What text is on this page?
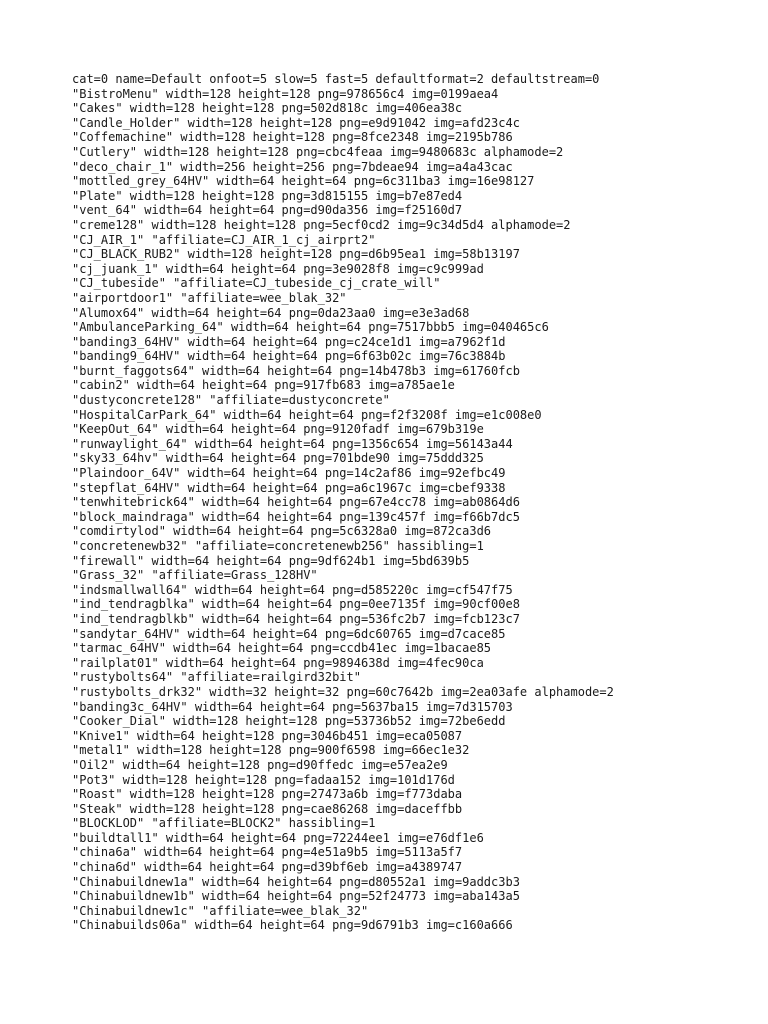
cat=0 name=Default onfoot=5 slow=5 fast=5 defaultformat=2 defaultstream=0
"BistroMenu" width=128 height=128 png=978656c4 img=0199aea4
"Cakes" width=128 height=128 png=502d818c img=406ea38c
"Candle_Holder" width=128 height=128 png=e9d91042 img=afd23c4c
"Coffemachine" width=128 height=128 png=8fce2348 img=2195b786
"Cutlery" width=128 height=128 png=cbc4feaa img=9480683c alphamode=2
"deco_chair_1" width=256 height=256 png=7bdeae94 img=a4a43cac
"mottled_grey_64HV" width=64 height=64 png=6c311ba3 img=16e98127
"Plate" width=128 height=128 png=3d815155 img=b7e87ed4
"vent_64" width=64 height=64 png=d90da356 img=f25160d7
"creme128" width=128 height=128 png=5ecf0cd2 img=9c34d5d4 alphamode=2
"CJ_AIR_1" "affiliate=CJ_AIR_1_cj_airprt2"
"CJ_BLACK_RUB2" width=128 height=128 png=d6b95ea1 img=58b13197
"cj_juank_1" width=64 height=64 png=3e9028f8 img=c9c999ad
"CJ_tubeside" "affiliate=CJ_tubeside_cj_crate_will"
"airportdoor1" "affiliate=wee_blak_32"
"Alumox64" width=64 height=64 png=0da23aa0 img=e3e3ad68
"AmbulanceParking_64" width=64 height=64 png=7517bbb5 img=040465c6
"banding3_64HV" width=64 height=64 png=c24ce1d1 img=a7962f1d
"banding9_64HV" width=64 height=64 png=6f63b02c img=76c3884b
"burnt_faggots64" width=64 height=64 png=14b478b3 img=61760fcb
"cabin2" width=64 height=64 png=917fb683 img=a785ae1e
"dustyconcrete128" "affiliate=dustyconcrete"
"HospitalCarPark_64" width=64 height=64 png=f2f3208f img=e1c008e0
"KeepOut_64" width=64 height=64 png=9120fadf img=679b319e
"runwaylight_64" width=64 height=64 png=1356c654 img=56143a44
"sky33_64hv" width=64 height=64 png=701bde90 img=75ddd325
"Plaindoor_64V" width=64 height=64 png=14c2af86 img=92efbc49
"stepflat_64HV" width=64 height=64 png=a6c1967c img=cbef9338
"tenwhitebrick64" width=64 height=64 png=67e4cc78 img=ab0864d6
"block_maindraga" width=64 height=64 png=139c457f img=f66b7dc5
"comdirtylod" width=64 height=64 png=5c6328a0 img=872ca3d6
"concretenewb32" "affiliate=concretenewb256" hassibling=1
"firewall" width=64 height=64 png=9df624b1 img=5bd639b5
"Grass_32" "affiliate=Grass_128HV"
"indsmallwall64" width=64 height=64 png=d585220c img=cf547f75
"ind_tendragblka" width=64 height=64 png=0ee7135f img=90cf00e8
"ind_tendragblkb" width=64 height=64 png=536fc2b7 img=fcb123c7
"sandytar_64HV" width=64 height=64 png=6dc60765 img=d7cace85
"tarmac_64HV" width=64 height=64 png=ccdb41ec img=1bacae85
"railplat01" width=64 height=64 png=9894638d img=4fec90ca
"rustybolts64" "affiliate=railgird32bit"
"rustybolts_drk32" width=32 height=32 png=60c7642b img=2ea03afe alphamode=2
"banding3c_64HV" width=64 height=64 png=5637ba15 img=7d315703
"Cooker_Dial" width=128 height=128 png=53736b52 img=72be6edd
"Knive1" width=64 height=128 png=3046b451 img=eca05087
"metal1" width=128 height=128 png=900f6598 img=66ec1e32
"Oil2" width=64 height=128 png=d90ffedc img=e57ea2e9
"Pot3" width=128 height=128 png=fadaa152 img=101d176d
"Roast" width=128 height=128 png=27473a6b img=f773daba
"Steak" width=128 height=128 png=cae86268 img=daceffbb
"BLOCKLOD" "affiliate=BLOCK2" hassibling=1
"buildtall1" width=64 height=64 png=72244ee1 img=e76df1e6
"china6a" width=64 height=64 png=4e51a9b5 img=5113a5f7
"china6d" width=64 height=64 png=d39bf6eb img=a4389747
"Chinabuildnew1a" width=64 height=64 png=d80552a1 img=9addc3b3
"Chinabuildnew1b" width=64 height=64 png=52f24773 img=aba143a5
"Chinabuildnew1c" "affiliate=wee_blak_32"
"Chinabuilds06a" width=64 height=64 png=9d6791b3 img=c160a666
